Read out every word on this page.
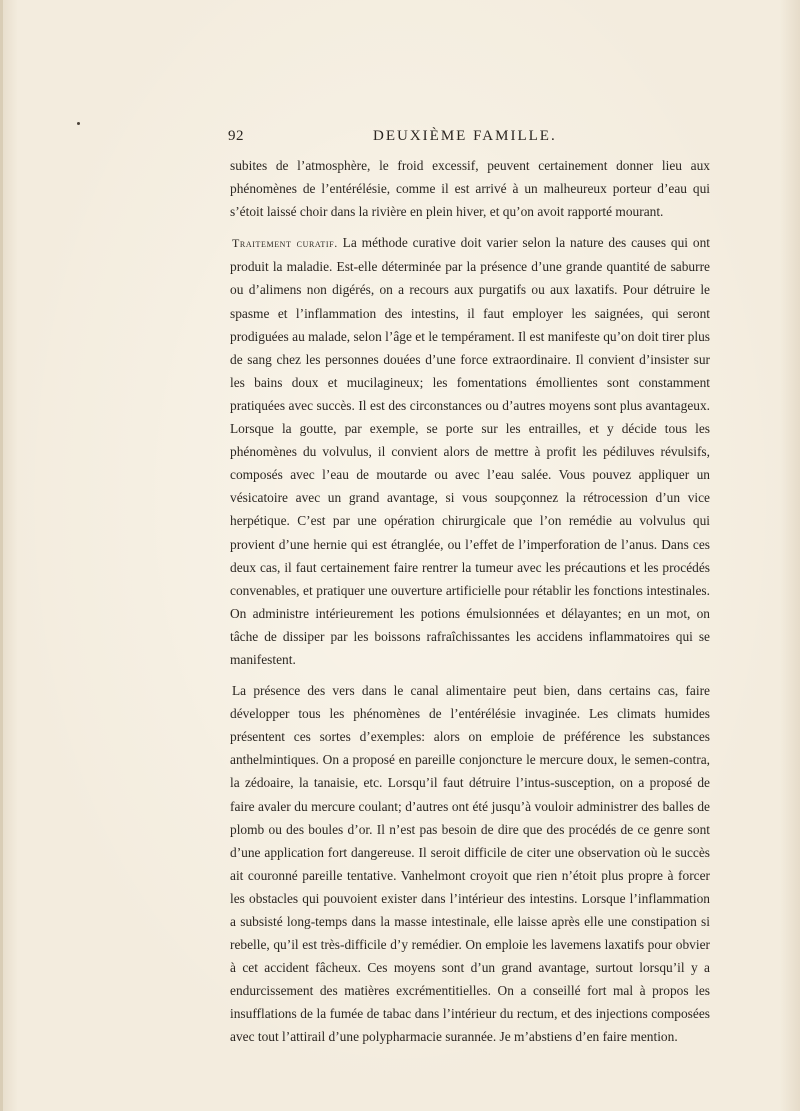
92	DEUXIÈME FAMILLE.

subites de l’atmosphère, le froid excessif, peuvent certainement donner lieu aux phénomènes de l’entérélésie, comme il est arrivé à un malheureux porteur d’eau qui s’étoit laissé choir dans la rivière en plein hiver, et qu’on avoit rapporté mourant.

Traitement curatif. La méthode curative doit varier selon la nature des causes qui ont produit la maladie. Est-elle déterminée par la présence d’une grande quantité de saburre ou d’alimens non digérés, on a recours aux purgatifs ou aux laxatifs. Pour détruire le spasme et l’inflammation des intestins, il faut employer les saignées, qui seront prodiguées au malade, selon l’âge et le tempérament. Il est manifeste qu’on doit tirer plus de sang chez les personnes douées d’une force extraordinaire. Il convient d’insister sur les bains doux et mucilagineux; les fomentations émollientes sont constamment pratiquées avec succès. Il est des circonstances ou d’autres moyens sont plus avantageux. Lorsque la goutte, par exemple, se porte sur les entrailles, et y décide tous les phénomènes du volvulus, il convient alors de mettre à profit les pédiluves révulsifs, composés avec l’eau de moutarde ou avec l’eau salée. Vous pouvez appliquer un vésicatoire avec un grand avantage, si vous soupçonnez la rétrocession d’un vice herpétique. C’est par une opération chirurgicale que l’on remédie au volvulus qui provient d’une hernie qui est étranglée, ou l’effet de l’imperforation de l’anus. Dans ces deux cas, il faut certainement faire rentrer la tumeur avec les précautions et les procédés convenables, et pratiquer une ouverture artificielle pour rétablir les fonctions intestinales. On administre intérieurement les potions émulsionnées et délayantes; en un mot, on tâche de dissiper par les boissons rafraîchissantes les accidens inflammatoires qui se manifestent.

La présence des vers dans le canal alimentaire peut bien, dans certains cas, faire développer tous les phénomènes de l’entérélésie invaginée. Les climats humides présentent ces sortes d’exemples: alors on emploie de préférence les substances anthelmintiques. On a proposé en pareille conjoncture le mercure doux, le semen-contra, la zédoaire, la tanaisie, etc. Lorsqu’il faut détruire l’intus-susception, on a proposé de faire avaler du mercure coulant; d’autres ont été jusqu’à vouloir administrer des balles de plomb ou des boules d’or. Il n’est pas besoin de dire que des procédés de ce genre sont d’une application fort dangereuse. Il seroit difficile de citer une observation où le succès ait couronné pareille tentative. Vanhelmont croyoit que rien n’étoit plus propre à forcer les obstacles qui pouvoient exister dans l’intérieur des intestins. Lorsque l’inflammation a subsisté long-temps dans la masse intestinale, elle laisse après elle une constipation si rebelle, qu’il est très-difficile d’y remédier. On emploie les lavemens laxatifs pour obvier à cet accident fâcheux. Ces moyens sont d’un grand avantage, surtout lorsqu’il y a endurcissement des matières excrémentitielles. On a conseillé fort mal à propos les insufflations de la fumée de tabac dans l’intérieur du rectum, et des injections composées avec tout l’attirail d’une polypharmacie surannée. Je m’abstiens d’en faire mention.
